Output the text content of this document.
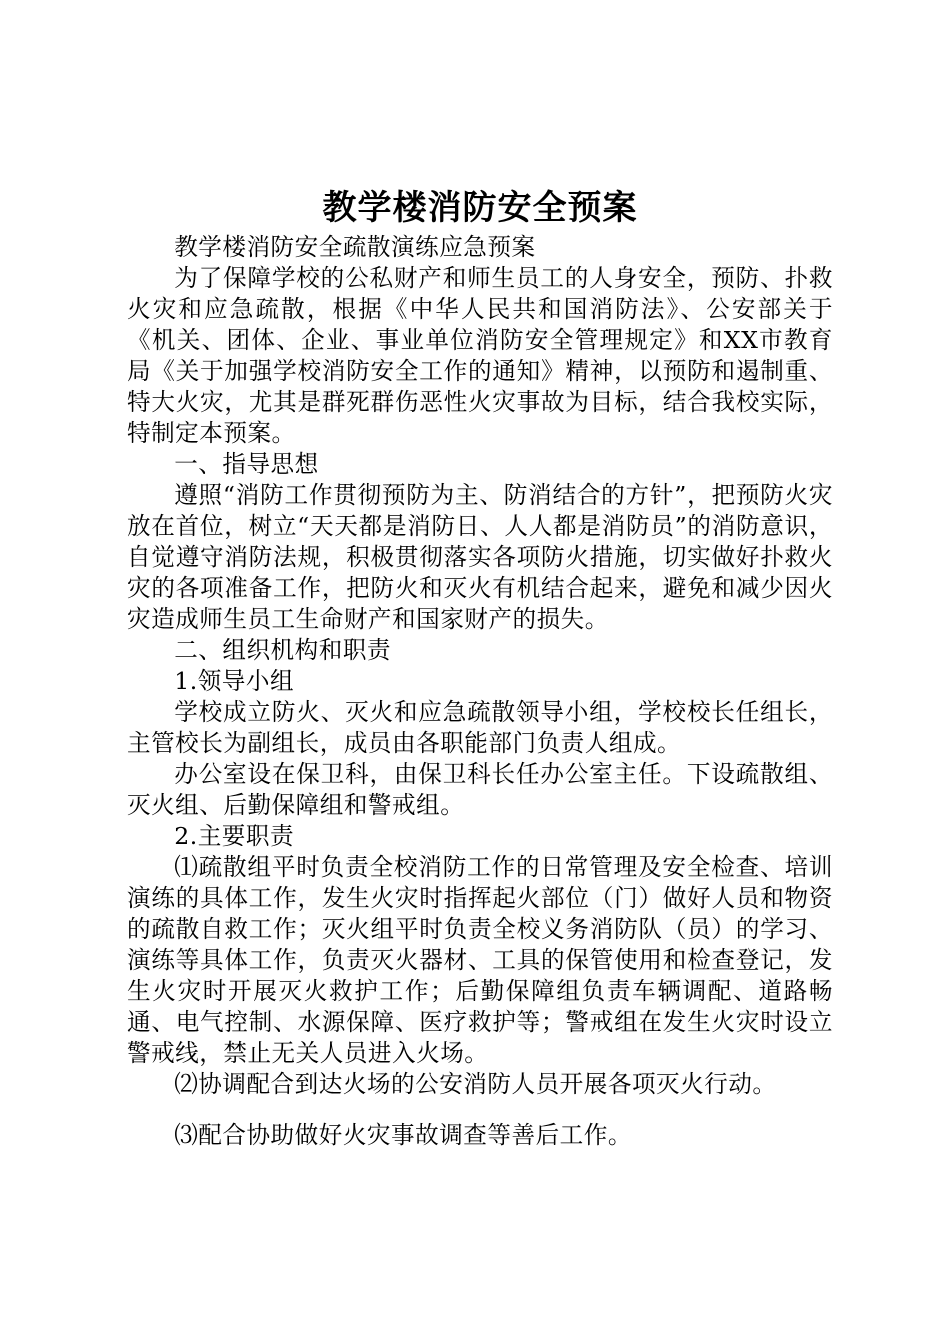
教学楼消防安全预案

教学楼消防安全疏散演练应急预案

为了保障学校的公私财产和师生员工的人身安全，预防、扑救火灾和应急疏散，根据《中华人民共和国消防法》、公安部关于《机关、团体、企业、事业单位消防安全管理规定》和XX市教育局《关于加强学校消防安全工作的通知》精神，以预防和遏制重、特大火灾，尤其是群死群伤恶性火灾事故为目标，结合我校实际，特制定本预案。

一、指导思想

遵照“消防工作贯彻预防为主、防消结合的方针”，把预防火灾放在首位，树立“天天都是消防日、人人都是消防员”的消防意识，自觉遵守消防法规，积极贯彻落实各项防火措施，切实做好扑救火灾的各项准备工作，把防火和灭火有机结合起来，避免和减少因火灾造成师生员工生命财产和国家财产的损失。

二、组织机构和职责

1.领导小组

学校成立防火、灭火和应急疏散领导小组，学校校长任组长，主管校长为副组长，成员由各职能部门负责人组成。

办公室设在保卫科，由保卫科长任办公室主任。下设疏散组、灭火组、后勤保障组和警戒组。

2.主要职责

⑴疏散组平时负责全校消防工作的日常管理及安全检查、培训演练的具体工作，发生火灾时指挥起火部位（门）做好人员和物资的疏散自救工作；灭火组平时负责全校义务消防队（员）的学习、演练等具体工作，负责灭火器材、工具的保管使用和检查登记，发生火灾时开展灭火救护工作；后勤保障组负责车辆调配、道路畅通、电气控制、水源保障、医疗救护等；警戒组在发生火灾时设立警戒线，禁止无关人员进入火场。

⑵协调配合到达火场的公安消防人员开展各项灭火行动。

⑶配合协助做好火灾事故调查等善后工作。
